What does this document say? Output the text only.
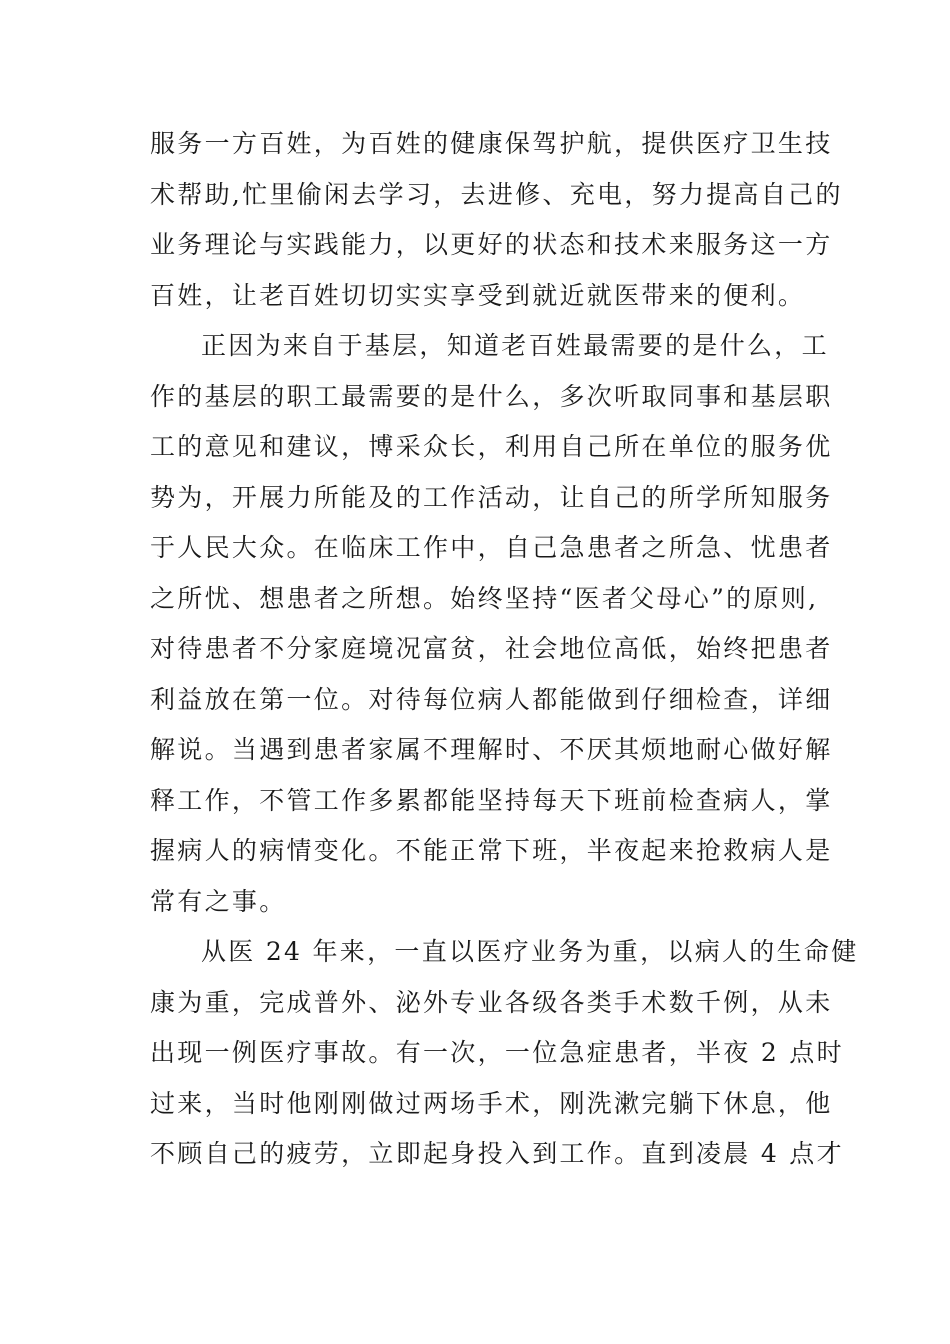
服务一方百姓，为百姓的健康保驾护航，提供医疗卫生技
术帮助,忙里偷闲去学习，去进修、充电，努力提高自己的
业务理论与实践能力，以更好的状态和技术来服务这一方
百姓，让老百姓切切实实享受到就近就医带来的便利。
正因为来自于基层，知道老百姓最需要的是什么，工
作的基层的职工最需要的是什么，多次听取同事和基层职
工的意见和建议，博采众长，利用自己所在单位的服务优
势为，开展力所能及的工作活动，让自己的所学所知服务
于人民大众。在临床工作中，自己急患者之所急、忧患者
之所忧、想患者之所想。始终坚持“医者父母心”的原则,
对待患者不分家庭境况富贫，社会地位高低，始终把患者
利益放在第一位。对待每位病人都能做到仔细检查，详细
解说。当遇到患者家属不理解时、不厌其烦地耐心做好解
释工作，不管工作多累都能坚持每天下班前检查病人，掌
握病人的病情变化。不能正常下班，半夜起来抢救病人是
常有之事。
从医 24 年来，一直以医疗业务为重，以病人的生命健
康为重，完成普外、泌外专业各级各类手术数千例，从未
出现一例医疗事故。有一次，一位急症患者，半夜 2 点时
过来，当时他刚刚做过两场手术，刚洗漱完躺下休息，他
不顾自己的疲劳，立即起身投入到工作。直到凌晨 4 点才
